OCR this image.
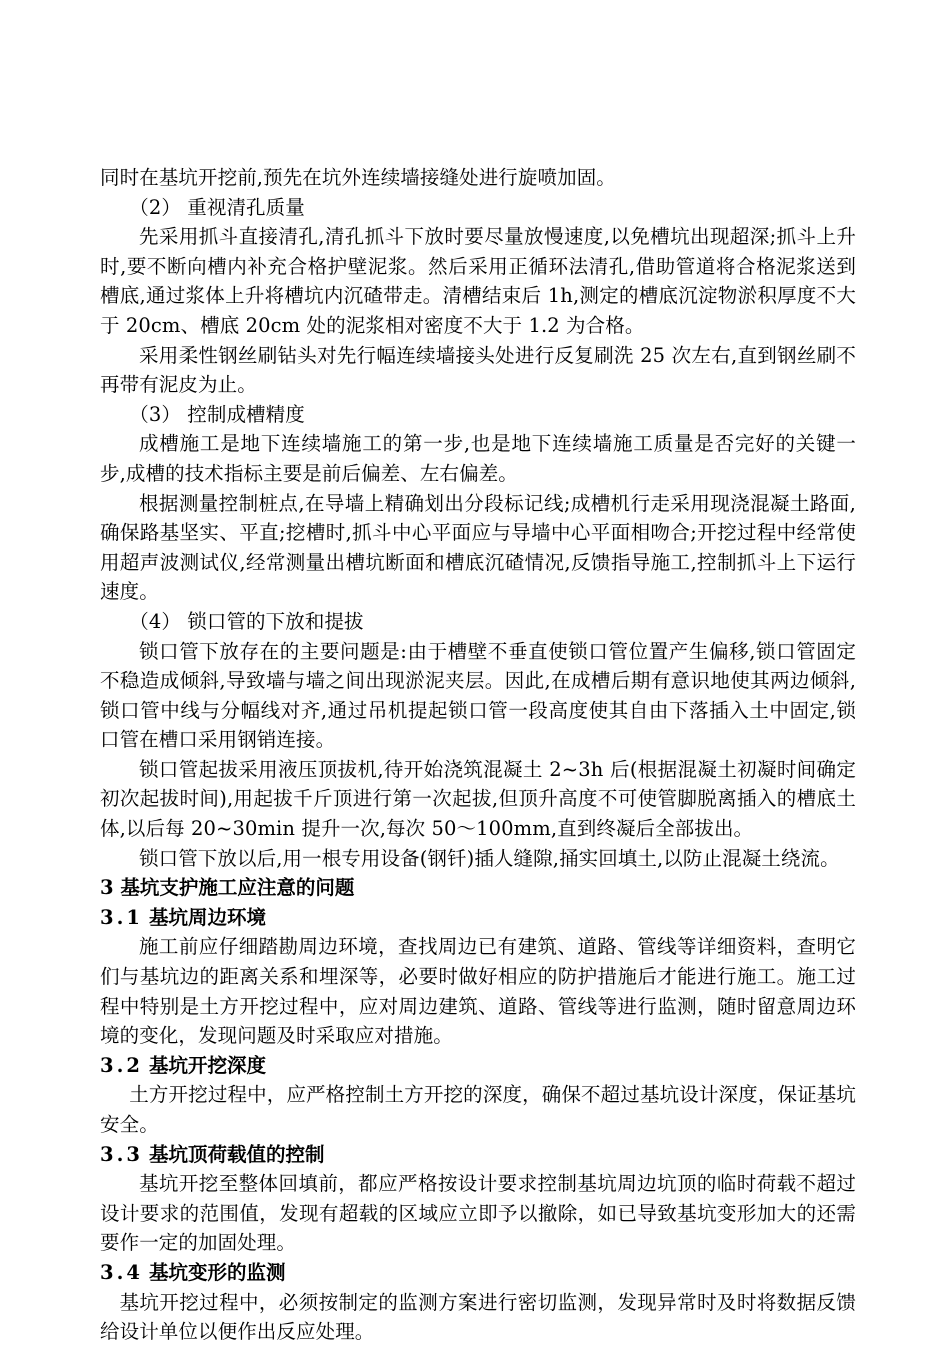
同时在基坑开挖前,预先在坑外连续墙接缝处进行旋喷加固。

（2） 重视清孔质量

先采用抓斗直接清孔,清孔抓斗下放时要尽量放慢速度,以免槽坑出现超深;抓斗上升时,要不断向槽内补充合格护壁泥浆。然后采用正循环法清孔,借助管道将合格泥浆送到槽底,通过浆体上升将槽坑内沉碴带走。清槽结束后 1h,测定的槽底沉淀物淤积厚度不大于 20cm、槽底 20cm 处的泥浆相对密度不大于 1.2 为合格。

采用柔性钢丝刷钻头对先行幅连续墙接头处进行反复刷洗 25 次左右,直到钢丝刷不再带有泥皮为止。

（3） 控制成槽精度

成槽施工是地下连续墙施工的第一步,也是地下连续墙施工质量是否完好的关键一步,成槽的技术指标主要是前后偏差、左右偏差。

根据测量控制桩点,在导墙上精确划出分段标记线;成槽机行走采用现浇混凝土路面,确保路基坚实、平直;挖槽时,抓斗中心平面应与导墙中心平面相吻合;开挖过程中经常使用超声波测试仪,经常测量出槽坑断面和槽底沉碴情况,反馈指导施工,控制抓斗上下运行速度。

（4） 锁口管的下放和提拔

锁口管下放存在的主要问题是:由于槽壁不垂直使锁口管位置产生偏移,锁口管固定不稳造成倾斜,导致墙与墙之间出现淤泥夹层。因此,在成槽后期有意识地使其两边倾斜,锁口管中线与分幅线对齐,通过吊机提起锁口管一段高度使其自由下落插入土中固定,锁口管在槽口采用钢销连接。

锁口管起拔采用液压顶拔机,待开始浇筑混凝土 2~3h 后(根据混凝土初凝时间确定初次起拔时间),用起拔千斤顶进行第一次起拔,但顶升高度不可使管脚脱离插入的槽底土体,以后每 20~30min 提升一次,每次 50～100mm,直到终凝后全部拔出。

锁口管下放以后,用一根专用设备(钢钎)插人缝隙,捅实回填土,以防止混凝土绕流。

3 基坑支护施工应注意的问题

3.1 基坑周边环境

施工前应仔细踏勘周边环境，查找周边已有建筑、道路、管线等详细资料，查明它们与基坑边的距离关系和埋深等，必要时做好相应的防护措施后才能进行施工。施工过程中特别是土方开挖过程中，应对周边建筑、道路、管线等进行监测，随时留意周边环境的变化，发现问题及时采取应对措施。

3.2 基坑开挖深度

土方开挖过程中，应严格控制土方开挖的深度，确保不超过基坑设计深度，保证基坑安全。

3.3 基坑顶荷载值的控制

基坑开挖至整体回填前，都应严格按设计要求控制基坑周边坑顶的临时荷载不超过设计要求的范围值，发现有超载的区域应立即予以撤除，如已导致基坑变形加大的还需要作一定的加固处理。

3.4 基坑变形的监测

基坑开挖过程中，必须按制定的监测方案进行密切监测，发现异常时及时将数据反馈给设计单位以便作出反应处理。
